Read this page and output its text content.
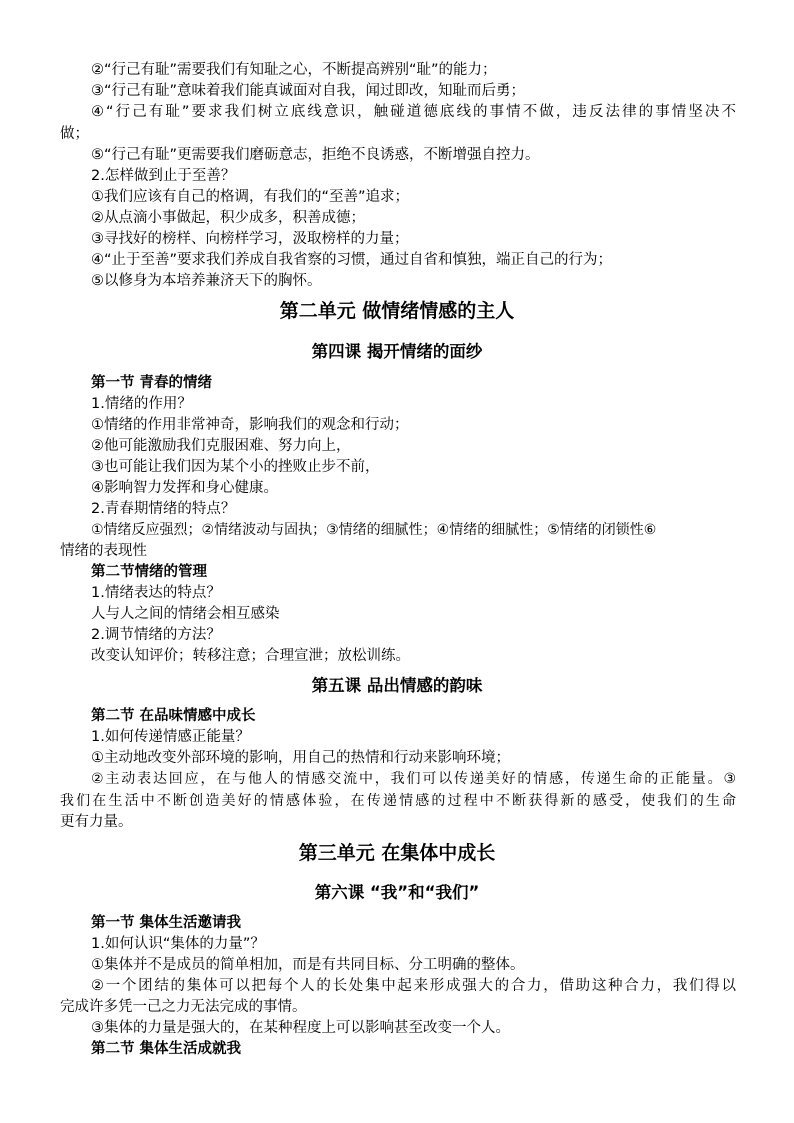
②“行己有耻”需要我们有知耻之心，不断提高辨别“耻”的能力；
③“行己有耻”意味着我们能真诚面对自我，闻过即改，知耻而后勇；
④“行己有耻”要求我们树立底线意识，触碰道德底线的事情不做，违反法律的事情坚决不
做；
⑤“行己有耻”更需要我们磨砺意志，拒绝不良诱惑，不断增强自控力。
2.怎样做到止于至善？
①我们应该有自己的格调，有我们的“至善”追求；
②从点滴小事做起，积少成多，积善成德；
③寻找好的榜样、向榜样学习，汲取榜样的力量；
④“止于至善”要求我们养成自我省察的习惯，通过自省和慎独，端正自己的行为；
⑤以修身为本培养兼济天下的胸怀。
第二单元 做情绪情感的主人
第四课 揭开情绪的面纱
第一节 青春的情绪
1.情绪的作用？
①情绪的作用非常神奇，影响我们的观念和行动；
②他可能激励我们克服困难、努力向上，
③也可能让我们因为某个小的挫败止步不前，
④影响智力发挥和身心健康。
2.青春期情绪的特点？
①情绪反应强烈；②情绪波动与固执；③情绪的细腻性；④情绪的细腻性；⑤情绪的闭锁性⑥
情绪的表现性
第二节情绪的管理
1.情绪表达的特点？
人与人之间的情绪会相互感染
2.调节情绪的方法？
改变认知评价；转移注意；合理宣泄；放松训练。
第五课 品出情感的韵味
第二节 在品味情感中成长
1.如何传递情感正能量？
①主动地改变外部环境的影响，用自己的热情和行动来影响环境；
②主动表达回应，在与他人的情感交流中，我们可以传递美好的情感，传递生命的正能量。③
我们在生活中不断创造美好的情感体验，在传递情感的过程中不断获得新的感受，使我们的生命
更有力量。
第三单元 在集体中成长
第六课 “我”和“我们”
第一节 集体生活邀请我
1.如何认识“集体的力量”？
①集体并不是成员的简单相加，而是有共同目标、分工明确的整体。
②一个团结的集体可以把每个人的长处集中起来形成强大的合力，借助这种合力，我们得以
完成许多凭一己之力无法完成的事情。
③集体的力量是强大的，在某种程度上可以影响甚至改变一个人。
第二节 集体生活成就我
